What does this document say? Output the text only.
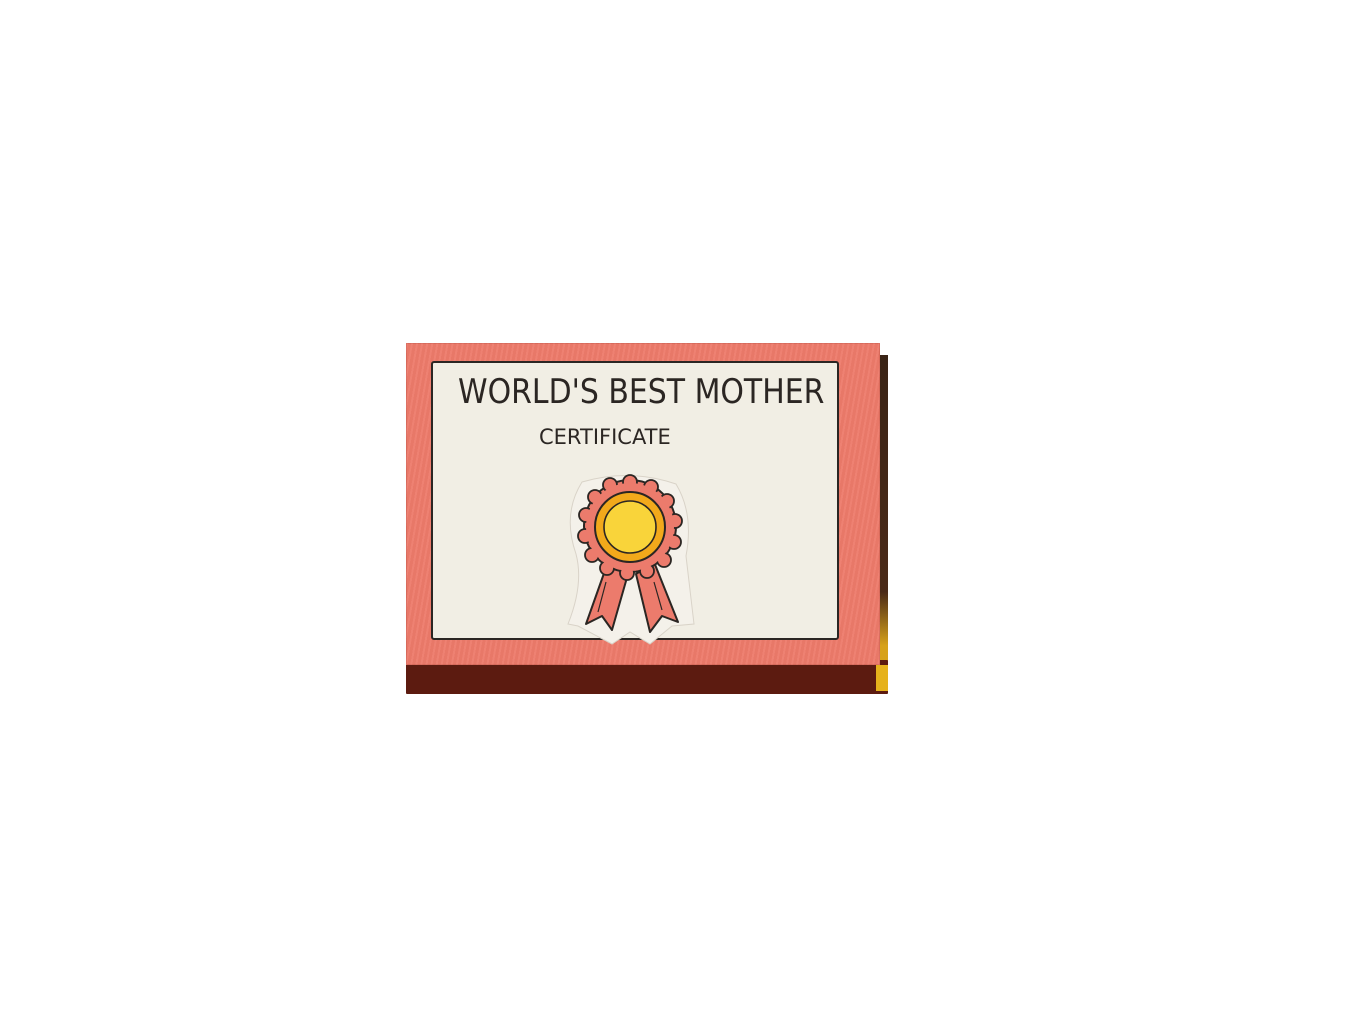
WORLD'S BEST MOTHER
CERTIFICATE
